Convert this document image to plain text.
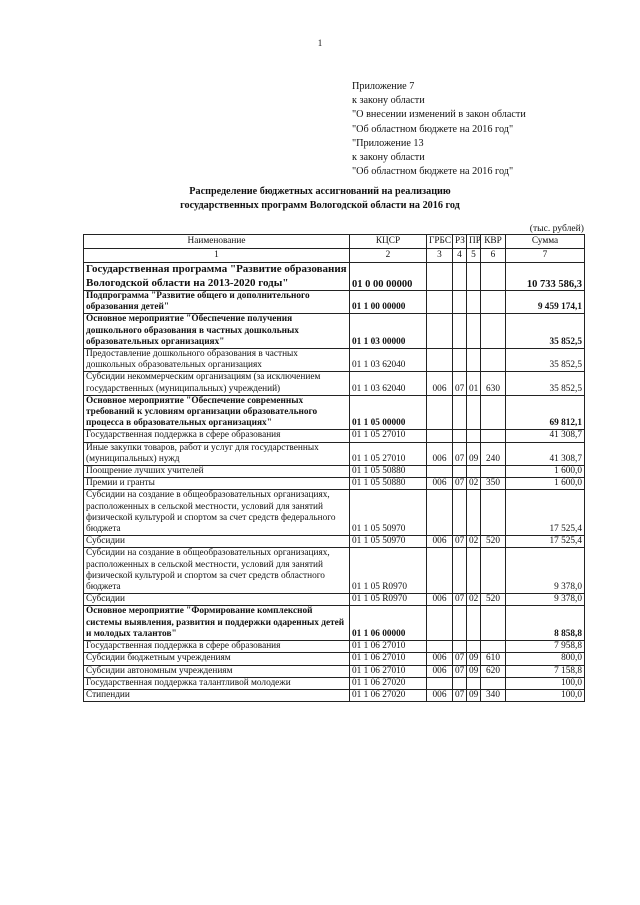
1
Приложение 7
к закону области
"О внесении изменений в закон области
"Об областном бюджете на 2016 год"
"Приложение 13
к закону области
"Об областном бюджете на 2016 год"
Распределение бюджетных ассигнований на реализацию
государственных программ Вологодской области на 2016 год
(тыс. рублей)
Наименование	КЦСР	ГРБС	РЗ	ПР	КВР	Сумма
1	2	3	4	5	6	7
Государственная программа "Развитие образования Вологодской области на 2013-2020 годы"	01 0 00 00000					10 733 586,3
Подпрограмма "Развитие общего и дополнительного образования детей"	01 1 00 00000					9 459 174,1
Основное мероприятие "Обеспечение получения дошкольного образования в частных дошкольных образовательных организациях"	01 1 03 00000					35 852,5
Предоставление дошкольного образования в частных дошкольных образовательных организациях	01 1 03 62040					35 852,5
Субсидии некоммерческим организациям (за исключением государственных (муниципальных) учреждений)	01 1 03 62040	006	07	01	630	35 852,5
Основное мероприятие "Обеспечение современных требований к условиям организации образовательного процесса в образовательных организациях"	01 1 05 00000					69 812,1
Государственная поддержка в сфере образования	01 1 05 27010					41 308,7
Иные закупки товаров, работ и услуг для государственных (муниципальных) нужд	01 1 05 27010	006	07	09	240	41 308,7
Поощрение лучших учителей	01 1 05 50880					1 600,0
Премии и гранты	01 1 05 50880	006	07	02	350	1 600,0
Субсидии на создание в общеобразовательных организациях, расположенных в сельской местности, условий для занятий физической культурой и спортом за счет средств федерального бюджета	01 1 05 50970					17 525,4
Субсидии	01 1 05 50970	006	07	02	520	17 525,4
Субсидии на создание в общеобразовательных организациях, расположенных в сельской местности, условий для занятий физической культурой и спортом за счет средств областного бюджета	01 1 05 R0970					9 378,0
Субсидии	01 1 05 R0970	006	07	02	520	9 378,0
Основное мероприятие "Формирование комплексной системы выявления, развития и поддержки одаренных детей и молодых талантов"	01 1 06 00000					8 858,8
Государственная поддержка в сфере образования	01 1 06 27010					7 958,8
Субсидии бюджетным учреждениям	01 1 06 27010	006	07	09	610	800,0
Субсидии автономным учреждениям	01 1 06 27010	006	07	09	620	7 158,8
Государственная поддержка талантливой молодежи	01 1 06 27020					100,0
Стипендии	01 1 06 27020	006	07	09	340	100,0
